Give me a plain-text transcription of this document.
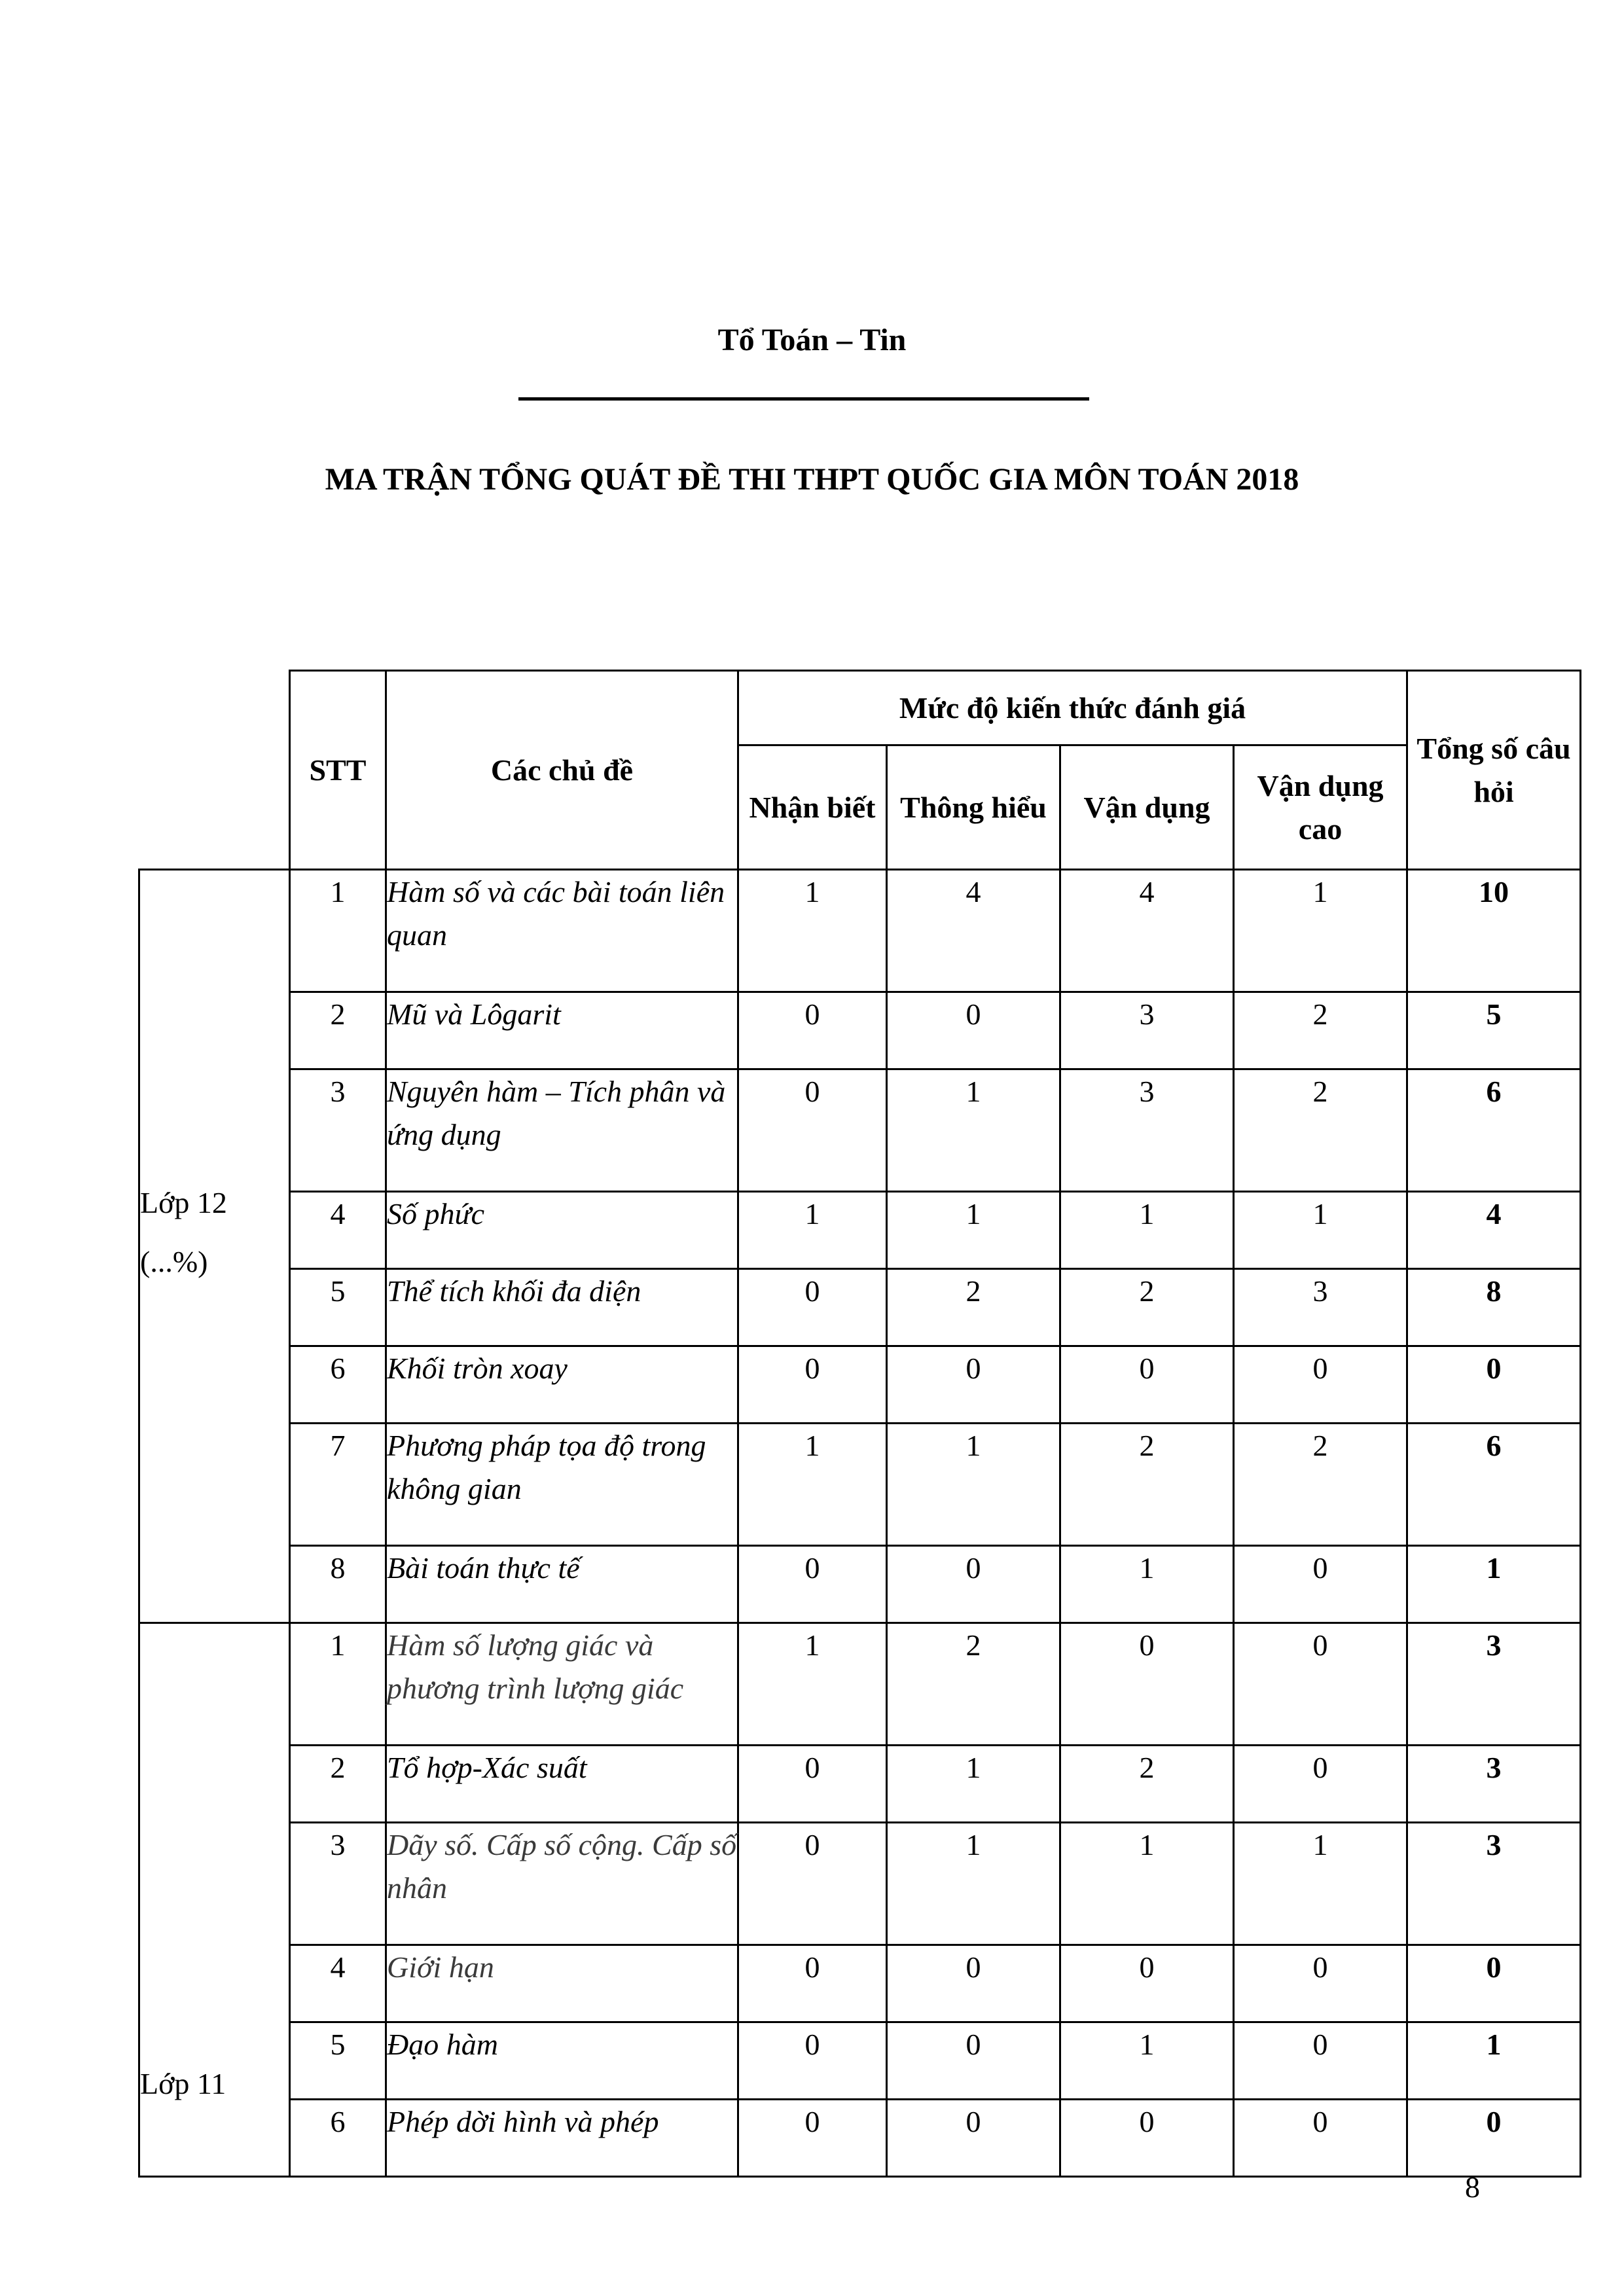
Tổ Toán – Tin
MA TRẬN TỔNG QUÁT ĐỀ THI THPT QUỐC GIA MÔN TOÁN 2018
	STT	Các chủ đề	Mức độ kiến thức đánh giá				Tổng số câu hỏi
			Nhận biết	Thông hiểu	Vận dụng	Vận dụng cao	

Lớp 12
(...%)	1	Hàm số và các bài toán liên quan	1	4	4	1	10
	2	Mũ và Lôgarit	0	0	3	2	5
	3	Nguyên hàm – Tích phân và ứng dụng	0	1	3	2	6
	4	Số phức	1	1	1	1	4
	5	Thể tích khối đa diện	0	2	2	3	8
	6	Khối tròn xoay	0	0	0	0	0
	7	Phương pháp tọa độ trong không gian	1	1	2	2	6
	8	Bài toán thực tế	0	0	1	0	1

Lớp 11	1	Hàm số lượng giác và phương trình lượng giác	1	2	0	0	3
	2	Tổ hợp-Xác suất	0	1	2	0	3
	3	Dãy số. Cấp số cộng. Cấp số nhân	0	1	1	1	3
	4	Giới hạn	0	0	0	0	0
	5	Đạo hàm	0	0	1	0	1
	6	Phép dời hình và phép	0	0	0	0	0
8
